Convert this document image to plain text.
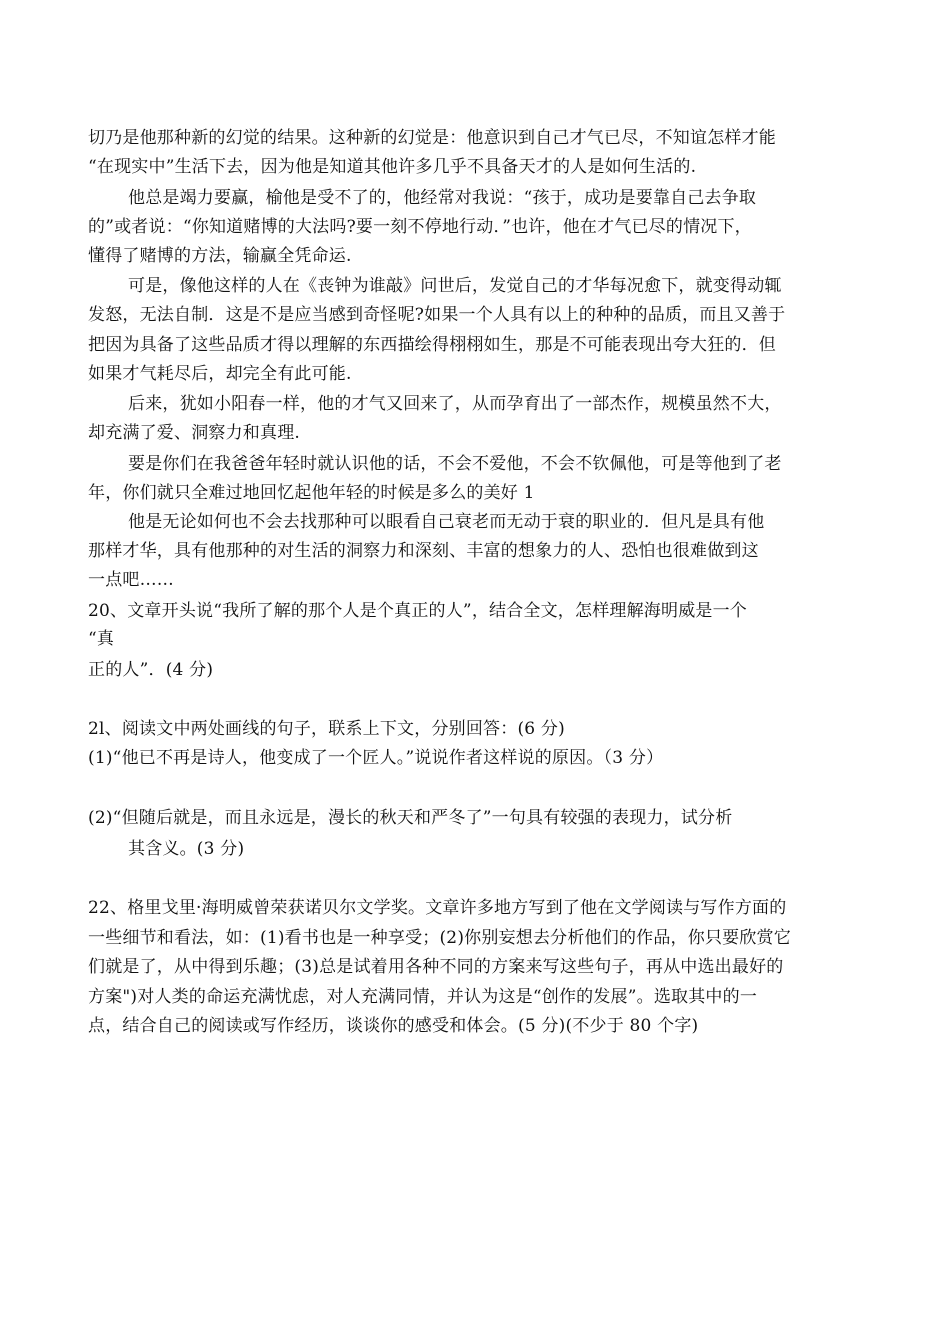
切乃是他那种新的幻觉的结果。这种新的幻觉是：他意识到自己才气已尽，不知谊怎样才能
“在现实中”生活下去，因为他是知道其他许多几乎不具备天才的人是如何生活的.
他总是竭力要赢，榆他是受不了的，他经常对我说：“孩于，成功是要靠自己去争取
的”或者说：“你知道赌博的大法吗?要一刻不停地行动．”也许，他在才气已尽的情况下，
懂得了赌博的方法，输赢全凭命运.
可是，像他这样的人在《丧钟为谁敲》问世后，发觉自己的才华每况愈下，就变得动辄
发怒，无法自制．这是不是应当感到奇怪呢?如果一个人具有以上的种种的品质，而且又善于
把因为具备了这些品质才得以理解的东西描绘得栩栩如生，那是不可能表现出夸大狂的．但
如果才气耗尽后，却完全有此可能.
后来，犹如小阳春一样，他的才气又回来了，从而孕育出了一部杰作，规模虽然不大，
却充满了爱、洞察力和真理.
要是你们在我爸爸年轻时就认识他的话，不会不爱他，不会不钦佩他，可是等他到了老
年，你们就只全难过地回忆起他年轻的时候是多么的美好 1
他是无论如何也不会去找那种可以眼看自己衰老而无动于衰的职业的．但凡是具有他
那样才华，具有他那种的对生活的洞察力和深刻、丰富的想象力的人、恐怕也很难做到这
一点吧……
20、文章开头说“我所了解的那个人是个真正的人”，结合全文，怎样理解海明威是一个
“真
正的人”．(4 分)
2l、阅读文中两处画线的句子，联系上下文，分别回答：(6 分)
(1)“他已不再是诗人，他变成了一个匠人。”说说作者这样说的原因。（3 分）
(2)“但随后就是，而且永远是，漫长的秋天和严冬了”一句具有较强的表现力，试分析
其含义。(3 分)
22、格里戈里·海明威曾荣获诺贝尔文学奖。文章许多地方写到了他在文学阅读与写作方面的
一些细节和看法，如：(1)看书也是一种享受；(2)你别妄想去分析他们的作品，你只要欣赏它
们就是了，从中得到乐趣；(3)总是试着用各种不同的方案来写这些句子，再从中选出最好的
方案")对人类的命运充满忧虑，对人充满同情，并认为这是“创作的发展”。选取其中的一
点，结合自己的阅读或写作经历，谈谈你的感受和体会。(5 分)(不少于 80 个字)
